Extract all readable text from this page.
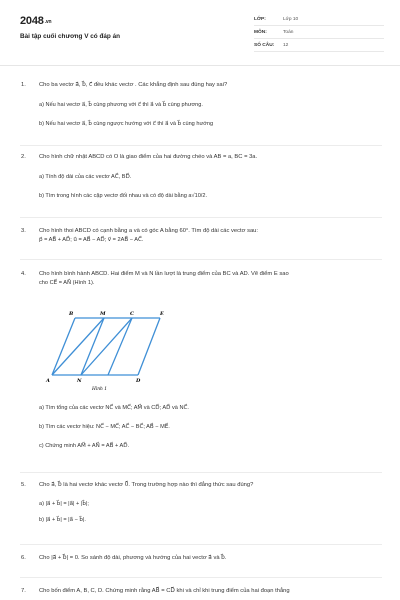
2048.vn
Bài tập cuối chương V có đáp án
LỚP:	Lớp 10
MÔN:	Toán
SỐ CÂU:	12
1. Cho ba vectơ a⃗, b⃗, c⃗ đều khác vectơ . Các khẳng định sau đúng hay sai?
a) Nếu hai vectơ a⃗, b⃗ cùng phương với c⃗ thì a⃗ và b⃗ cùng phương.
b) Nếu hai vectơ a⃗, b⃗ cùng ngược hướng với c⃗ thì a⃗ và b⃗ cùng hướng
2. Cho hình chữ nhật ABCD có O là giao điểm của hai đường chéo và AB = a, BC = 3a.
a) Tính độ dài của các vectơ AC⃗, BD⃗.
b) Tìm trong hình các cặp vectơ đối nhau và có độ dài bằng a√10/2.
3. Cho hình thoi ABCD có cạnh bằng a và có góc A bằng 60°. Tìm độ dài các vectơ sau:
p⃗ = AB⃗ + AD⃗; u⃗ = AB⃗ − AD⃗; v⃗ = 2AB⃗ − AC⃗.
4. Cho hình bình hành ABCD. Hai điểm M và N lần lượt là trung điểm của BC và AD. Vẽ điểm E sao
cho CE⃗ = AN⃗ (Hình 1).
B	M	C	E
A	N	D
Hình 1
a) Tìm tổng của các vectơ NC⃗ và MC⃗; AM⃗ và CD⃗; AD⃗ và NC⃗.
b) Tìm các vectơ hiệu: NC⃗ − MC⃗; AC⃗ − BC⃗; AB⃗ − ME⃗.
c) Chứng minh AM⃗ + AN⃗ = AB⃗ + AD⃗.
5. Cho a⃗, b⃗ là hai vectơ khác vectơ 0⃗. Trong trường hợp nào thì đẳng thức sau đúng?
a) |a⃗ + b⃗| = |a⃗| + |b⃗|;
b) |a⃗ + b⃗| = |a⃗ − b⃗|.
6. Cho |a⃗ + b⃗| = 0. So sánh độ dài, phương và hướng của hai vectơ a⃗ và b⃗.
7. Cho bốn điểm A, B, C, D. Chứng minh rằng AB⃗ = CD⃗ khi và chỉ khi trung điểm của hai đoạn thẳng
